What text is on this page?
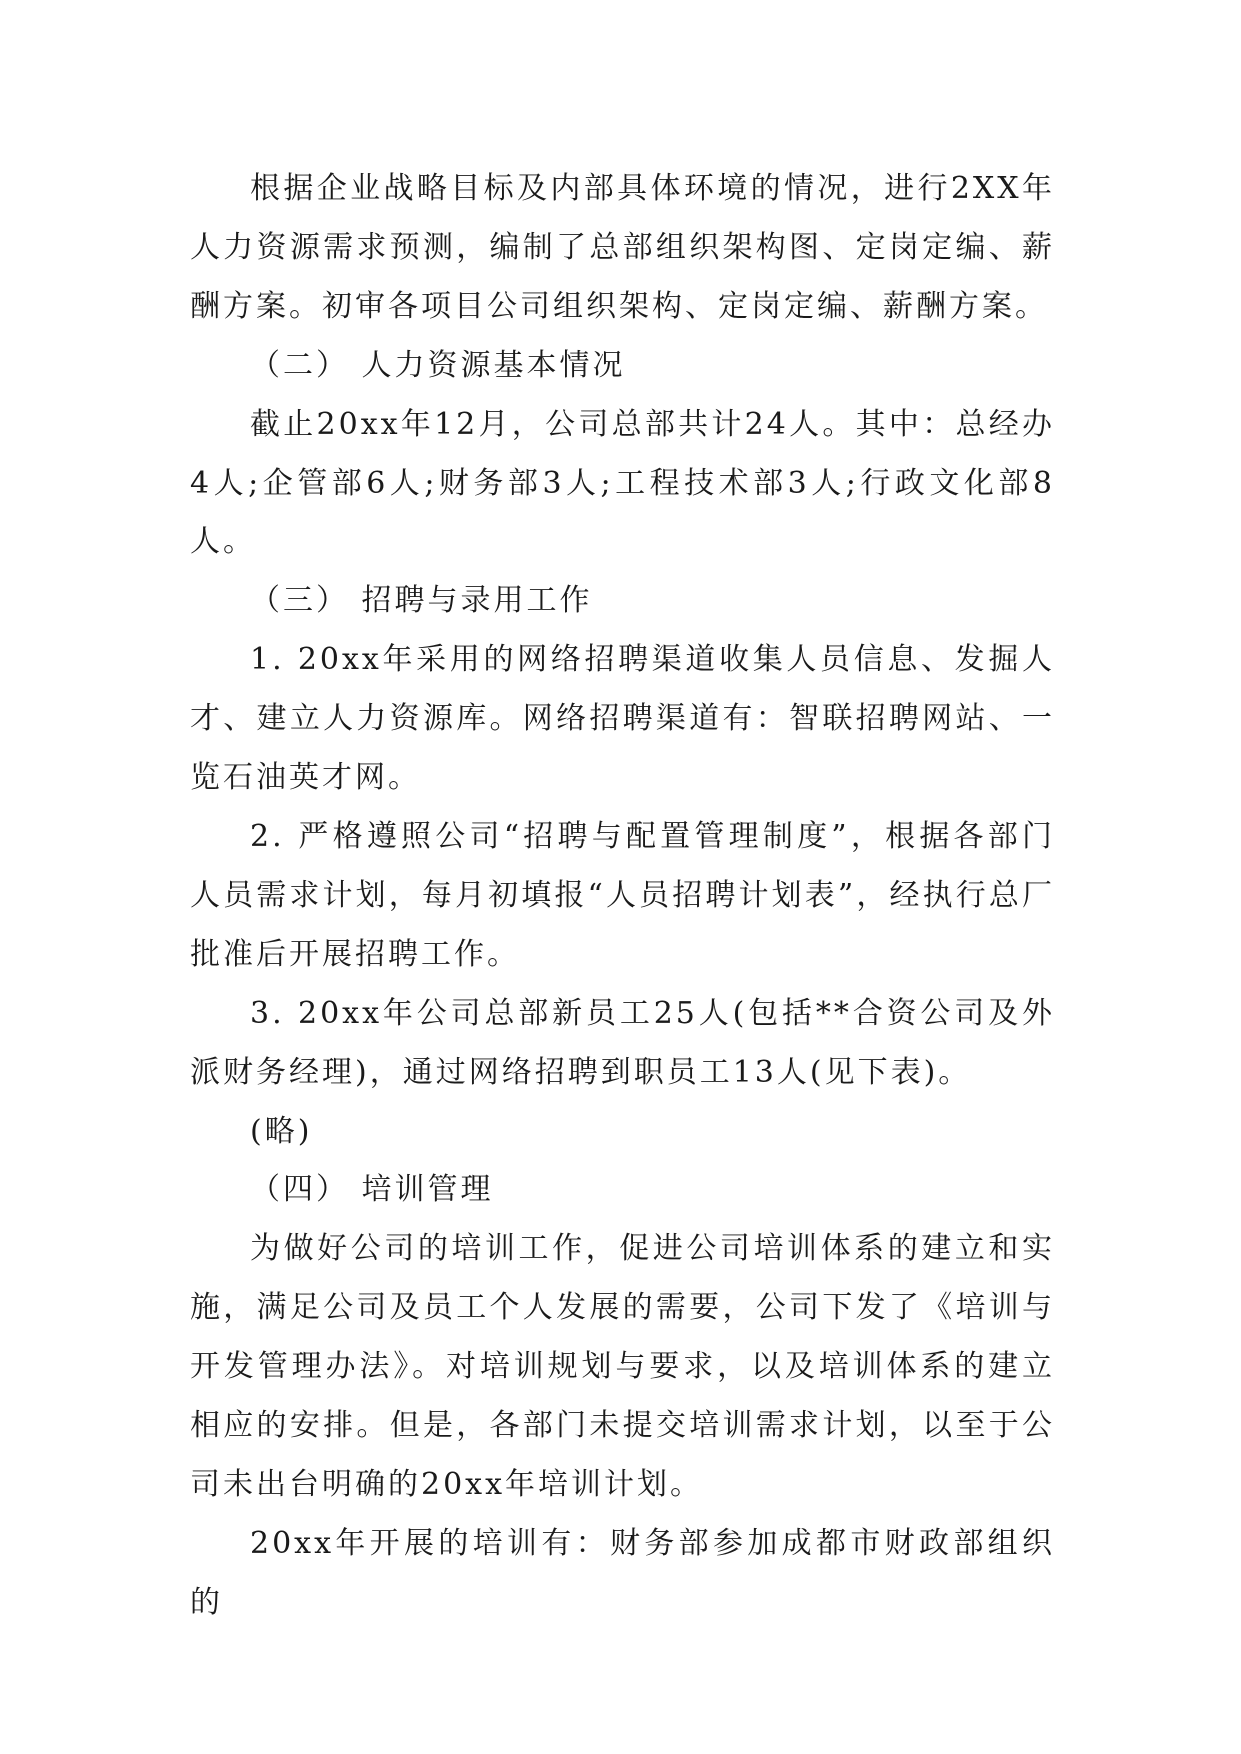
根据企业战略目标及内部具体环境的情况，进行2XX年人力资源需求预测，编制了总部组织架构图、定岗定编、薪酬方案。初审各项目公司组织架构、定岗定编、薪酬方案。

（二） 人力资源基本情况

截止20xx年12月，公司总部共计24人。其中：总经办4人;企管部6人;财务部3人;工程技术部3人;行政文化部8人。

（三） 招聘与录用工作

1. 20xx年采用的网络招聘渠道收集人员信息、发掘人才、建立人力资源库。网络招聘渠道有：智联招聘网站、一览石油英才网。

2. 严格遵照公司“招聘与配置管理制度”，根据各部门人员需求计划，每月初填报“人员招聘计划表”，经执行总厂批准后开展招聘工作。

3. 20xx年公司总部新员工25人(包括**合资公司及外派财务经理)，通过网络招聘到职员工13人(见下表)。

(略)

（四） 培训管理

为做好公司的培训工作，促进公司培训体系的建立和实施，满足公司及员工个人发展的需要，公司下发了《培训与开发管理办法》。对培训规划与要求，以及培训体系的建立相应的安排。但是，各部门未提交培训需求计划，以至于公司未出台明确的20xx年培训计划。

20xx年开展的培训有：财务部参加成都市财政部组织的
